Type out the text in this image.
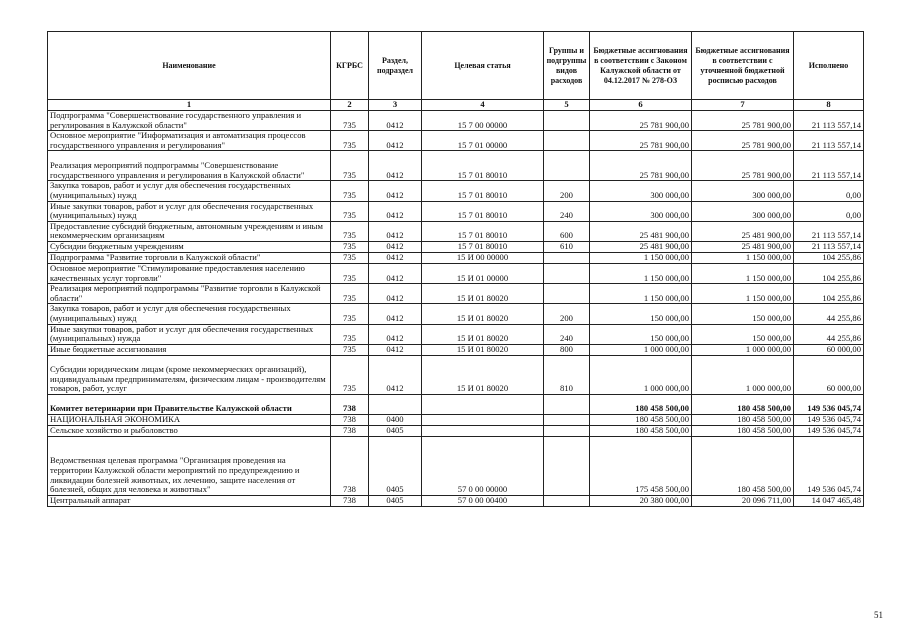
Наименование	КГРБС	Раздел, подраздел	Целевая статья	Группы и подгруппы видов расходов	Бюджетные ассигнования в соответствии с Законом Калужской области от 04.12.2017 № 278-ОЗ	Бюджетные ассигнования в соответствии с уточненной бюджетной росписью расходов	Исполнено
1	2	3	4	5	6	7	8
Подпрограмма "Совершенствование государственного управления и регулирования в Калужской области"	735	0412	15 7 00 00000		25 781 900,00	25 781 900,00	21 113 557,14
Основное мероприятие "Информатизация и автоматизация процессов государственного управления и регулирования"	735	0412	15 7 01 00000		25 781 900,00	25 781 900,00	21 113 557,14
Реализация мероприятий подпрограммы "Совершенствование государственного управления и регулирования в Калужской области"	735	0412	15 7 01 80010		25 781 900,00	25 781 900,00	21 113 557,14
Закупка товаров, работ и услуг для обеспечения государственных (муниципальных) нужд	735	0412	15 7 01 80010	200	300 000,00	300 000,00	0,00
Иные закупки товаров, работ и услуг для обеспечения государственных (муниципальных) нужд	735	0412	15 7 01 80010	240	300 000,00	300 000,00	0,00
Предоставление субсидий бюджетным, автономным учреждениям и иным некоммерческим организациям	735	0412	15 7 01 80010	600	25 481 900,00	25 481 900,00	21 113 557,14
Субсидии бюджетным учреждениям	735	0412	15 7 01 80010	610	25 481 900,00	25 481 900,00	21 113 557,14
Подпрограмма "Развитие торговли в Калужской области"	735	0412	15 И 00 00000		1 150 000,00	1 150 000,00	104 255,86
Основное мероприятие "Стимулирование предоставления населению качественных услуг торговли"	735	0412	15 И 01 00000		1 150 000,00	1 150 000,00	104 255,86
Реализация мероприятий подпрограммы "Развитие торговли в Калужской области"	735	0412	15 И 01 80020		1 150 000,00	1 150 000,00	104 255,86
Закупка товаров, работ и услуг для обеспечения государственных (муниципальных) нужд	735	0412	15 И 01 80020	200	150 000,00	150 000,00	44 255,86
Иные закупки товаров, работ и услуг для обеспечения государственных (муниципальных) нужда	735	0412	15 И 01 80020	240	150 000,00	150 000,00	44 255,86
Иные бюджетные ассигнования	735	0412	15 И 01 80020	800	1 000 000,00	1 000 000,00	60 000,00
Субсидии юридическим лицам (кроме некоммерческих организаций), индивидуальным предпринимателям, физическим лицам - производителям товаров, работ, услуг	735	0412	15 И 01 80020	810	1 000 000,00	1 000 000,00	60 000,00
Комитет ветеринарии при Правительстве Калужской области	738				180 458 500,00	180 458 500,00	149 536 045,74
НАЦИОНАЛЬНАЯ ЭКОНОМИКА	738	0400			180 458 500,00	180 458 500,00	149 536 045,74
Сельское хозяйство и рыболовство	738	0405			180 458 500,00	180 458 500,00	149 536 045,74
Ведомственная целевая программа "Организация проведения на территории Калужской области мероприятий по предупреждению и ликвидации болезней животных, их лечению, защите населения от болезней, общих для человека и животных"	738	0405	57 0 00 00000		175 458 500,00	180 458 500,00	149 536 045,74
Центральный аппарат	738	0405	57 0 00 00400		20 380 000,00	20 096 711,00	14 047 465,48
51
